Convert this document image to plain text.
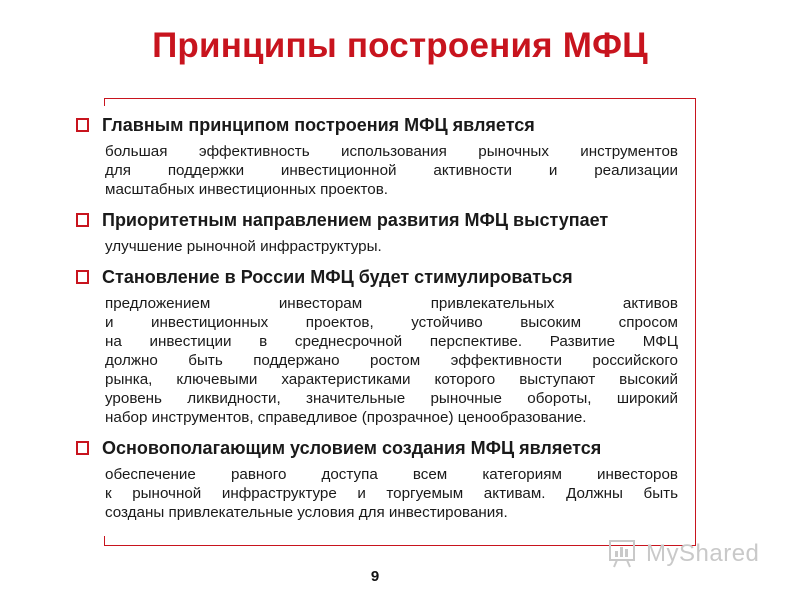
Принципы построения МФЦ
Главным принципом построения МФЦ является
большая эффективность использования рыночных инструментов
для поддержки инвестиционной активности и реализации
масштабных инвестиционных проектов.
Приоритетным направлением развития МФЦ выступает
улучшение рыночной инфраструктуры.
Становление в России МФЦ будет стимулироваться
предложением инвесторам привлекательных активов
и инвестиционных проектов, устойчиво высоким спросом
на инвестиции в среднесрочной перспективе. Развитие МФЦ
должно быть поддержано ростом эффективности российского
рынка, ключевыми характеристиками которого выступают высокий
уровень ликвидности, значительные рыночные обороты, широкий
набор инструментов, справедливое (прозрачное) ценообразование.
Основополагающим условием создания МФЦ является
обеспечение равного доступа всем категориям инвесторов
к рыночной инфраструктуре и торгуемым активам. Должны быть
созданы привлекательные условия для инвестирования.
9
MyShared
